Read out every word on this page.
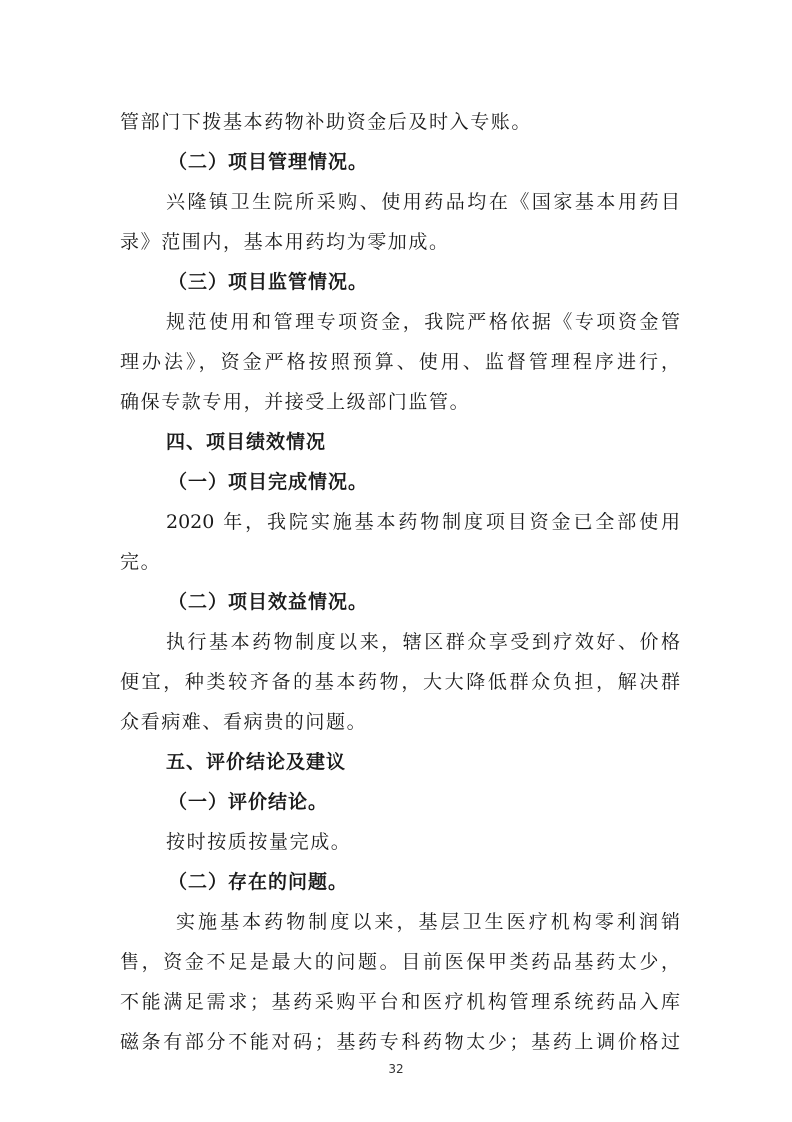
管部门下拨基本药物补助资金后及时入专账。
（二）项目管理情况。
兴隆镇卫生院所采购、使用药品均在《国家基本用药目
录》范围内，基本用药均为零加成。
（三）项目监管情况。
规范使用和管理专项资金，我院严格依据《专项资金管
理办法》，资金严格按照预算、使用、监督管理程序进行，
确保专款专用，并接受上级部门监管。
四、项目绩效情况
（一）项目完成情况。
2020 年，我院实施基本药物制度项目资金已全部使用
完。
（二）项目效益情况。
执行基本药物制度以来，辖区群众享受到疗效好、价格
便宜，种类较齐备的基本药物，大大降低群众负担，解决群
众看病难、看病贵的问题。
五、评价结论及建议
（一）评价结论。
按时按质按量完成。
（二）存在的问题。
实施基本药物制度以来，基层卫生医疗机构零利润销
售，资金不足是最大的问题。目前医保甲类药品基药太少，
不能满足需求；基药采购平台和医疗机构管理系统药品入库
磁条有部分不能对码；基药专科药物太少；基药上调价格过
32
